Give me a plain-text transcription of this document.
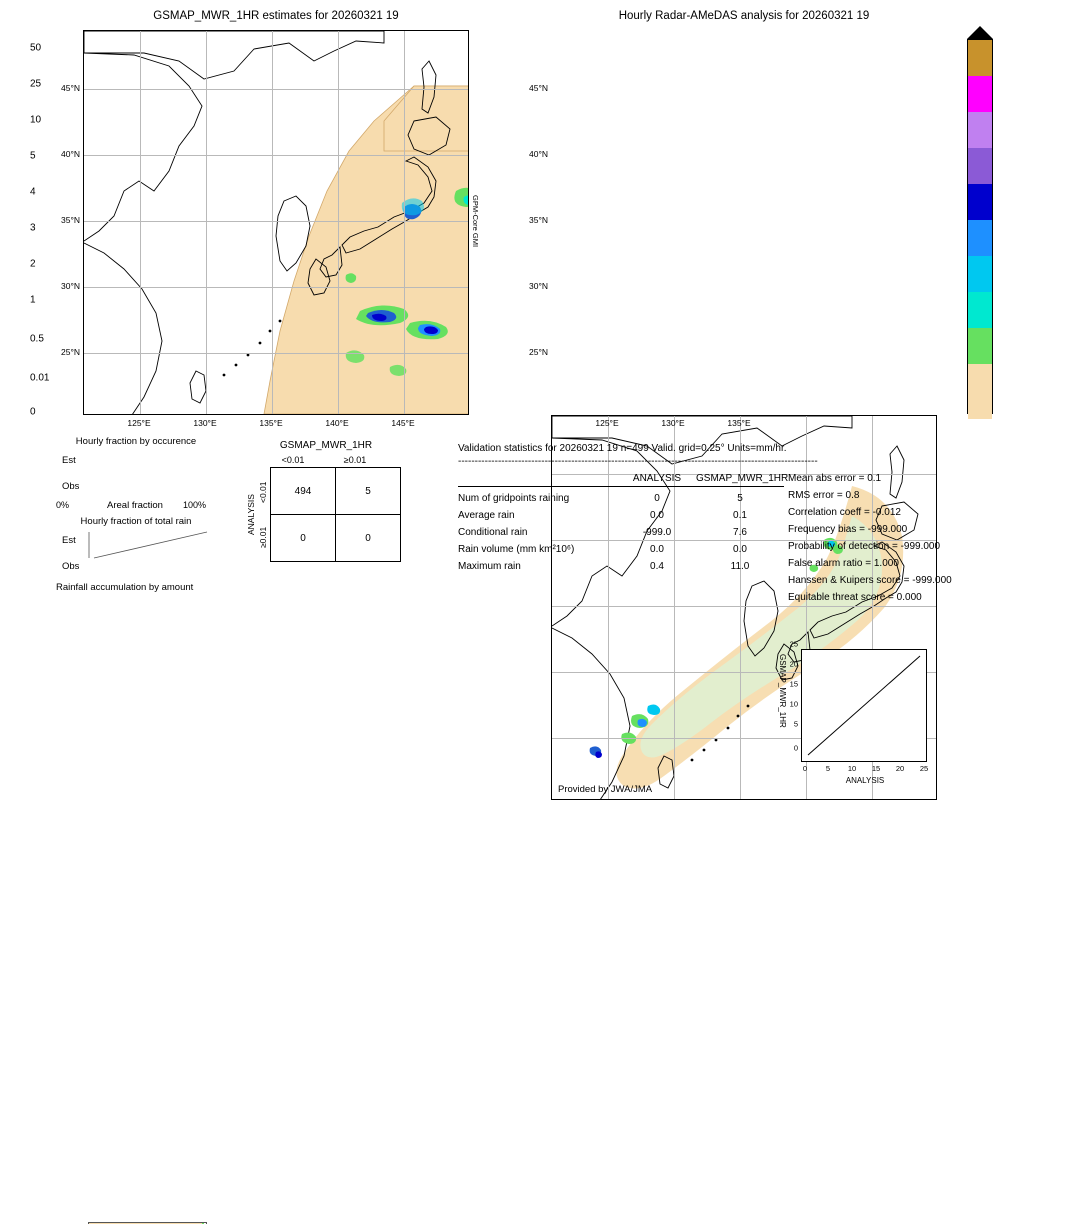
GSMAP_MWR_1HR estimates for 20260321 19
45°N
40°N
35°N
30°N
25°N
125°E	130°E	135°E	140°E	145°E
GPM-Core GMI
Hourly Radar-AMeDAS analysis for 20260321 19
25
20
15
10
5
0
0	5 10 15 20 25
ANALYSIS
GSMAP_MWR_1HR
Provided by JWA/JMA
45°N
40°N
35°N
30°N
25°N
125°E	130°E	135°E
50
25
10
5
4
3
2
1
0.5
0.01
0
Hourly fraction by occurence
Est
Obs
0%	Areal fraction 100%
Hourly fraction of total rain
Est
Obs
Rainfall accumulation by amount
GSMAP_MWR_1HR
<0.01	≥0.01
ANALYSIS
<0.01
≥0.01
494	5
0	0
Validation statistics for 20260321 19 n=499 Valid. grid=0.25° Units=mm/hr.
------------------------------------------------------------------------------------------------------------
ANALYSIS	GSMAP_MWR_1HR
Num of gridpoints raining	0	5
Average rain	0.0	0.1
Conditional rain	-999.0	7.6
Rain volume (mm km²10⁶)	0.0	0.0
Maximum rain	0.4	11.0
Mean abs error = 0.1
RMS error = 0.8
Correlation coeff = -0.012
Frequency bias = -999.000
Probability of detection = -999.000
False alarm ratio = 1.000
Hanssen & Kuipers score = -999.000
Equitable threat score = 0.000
